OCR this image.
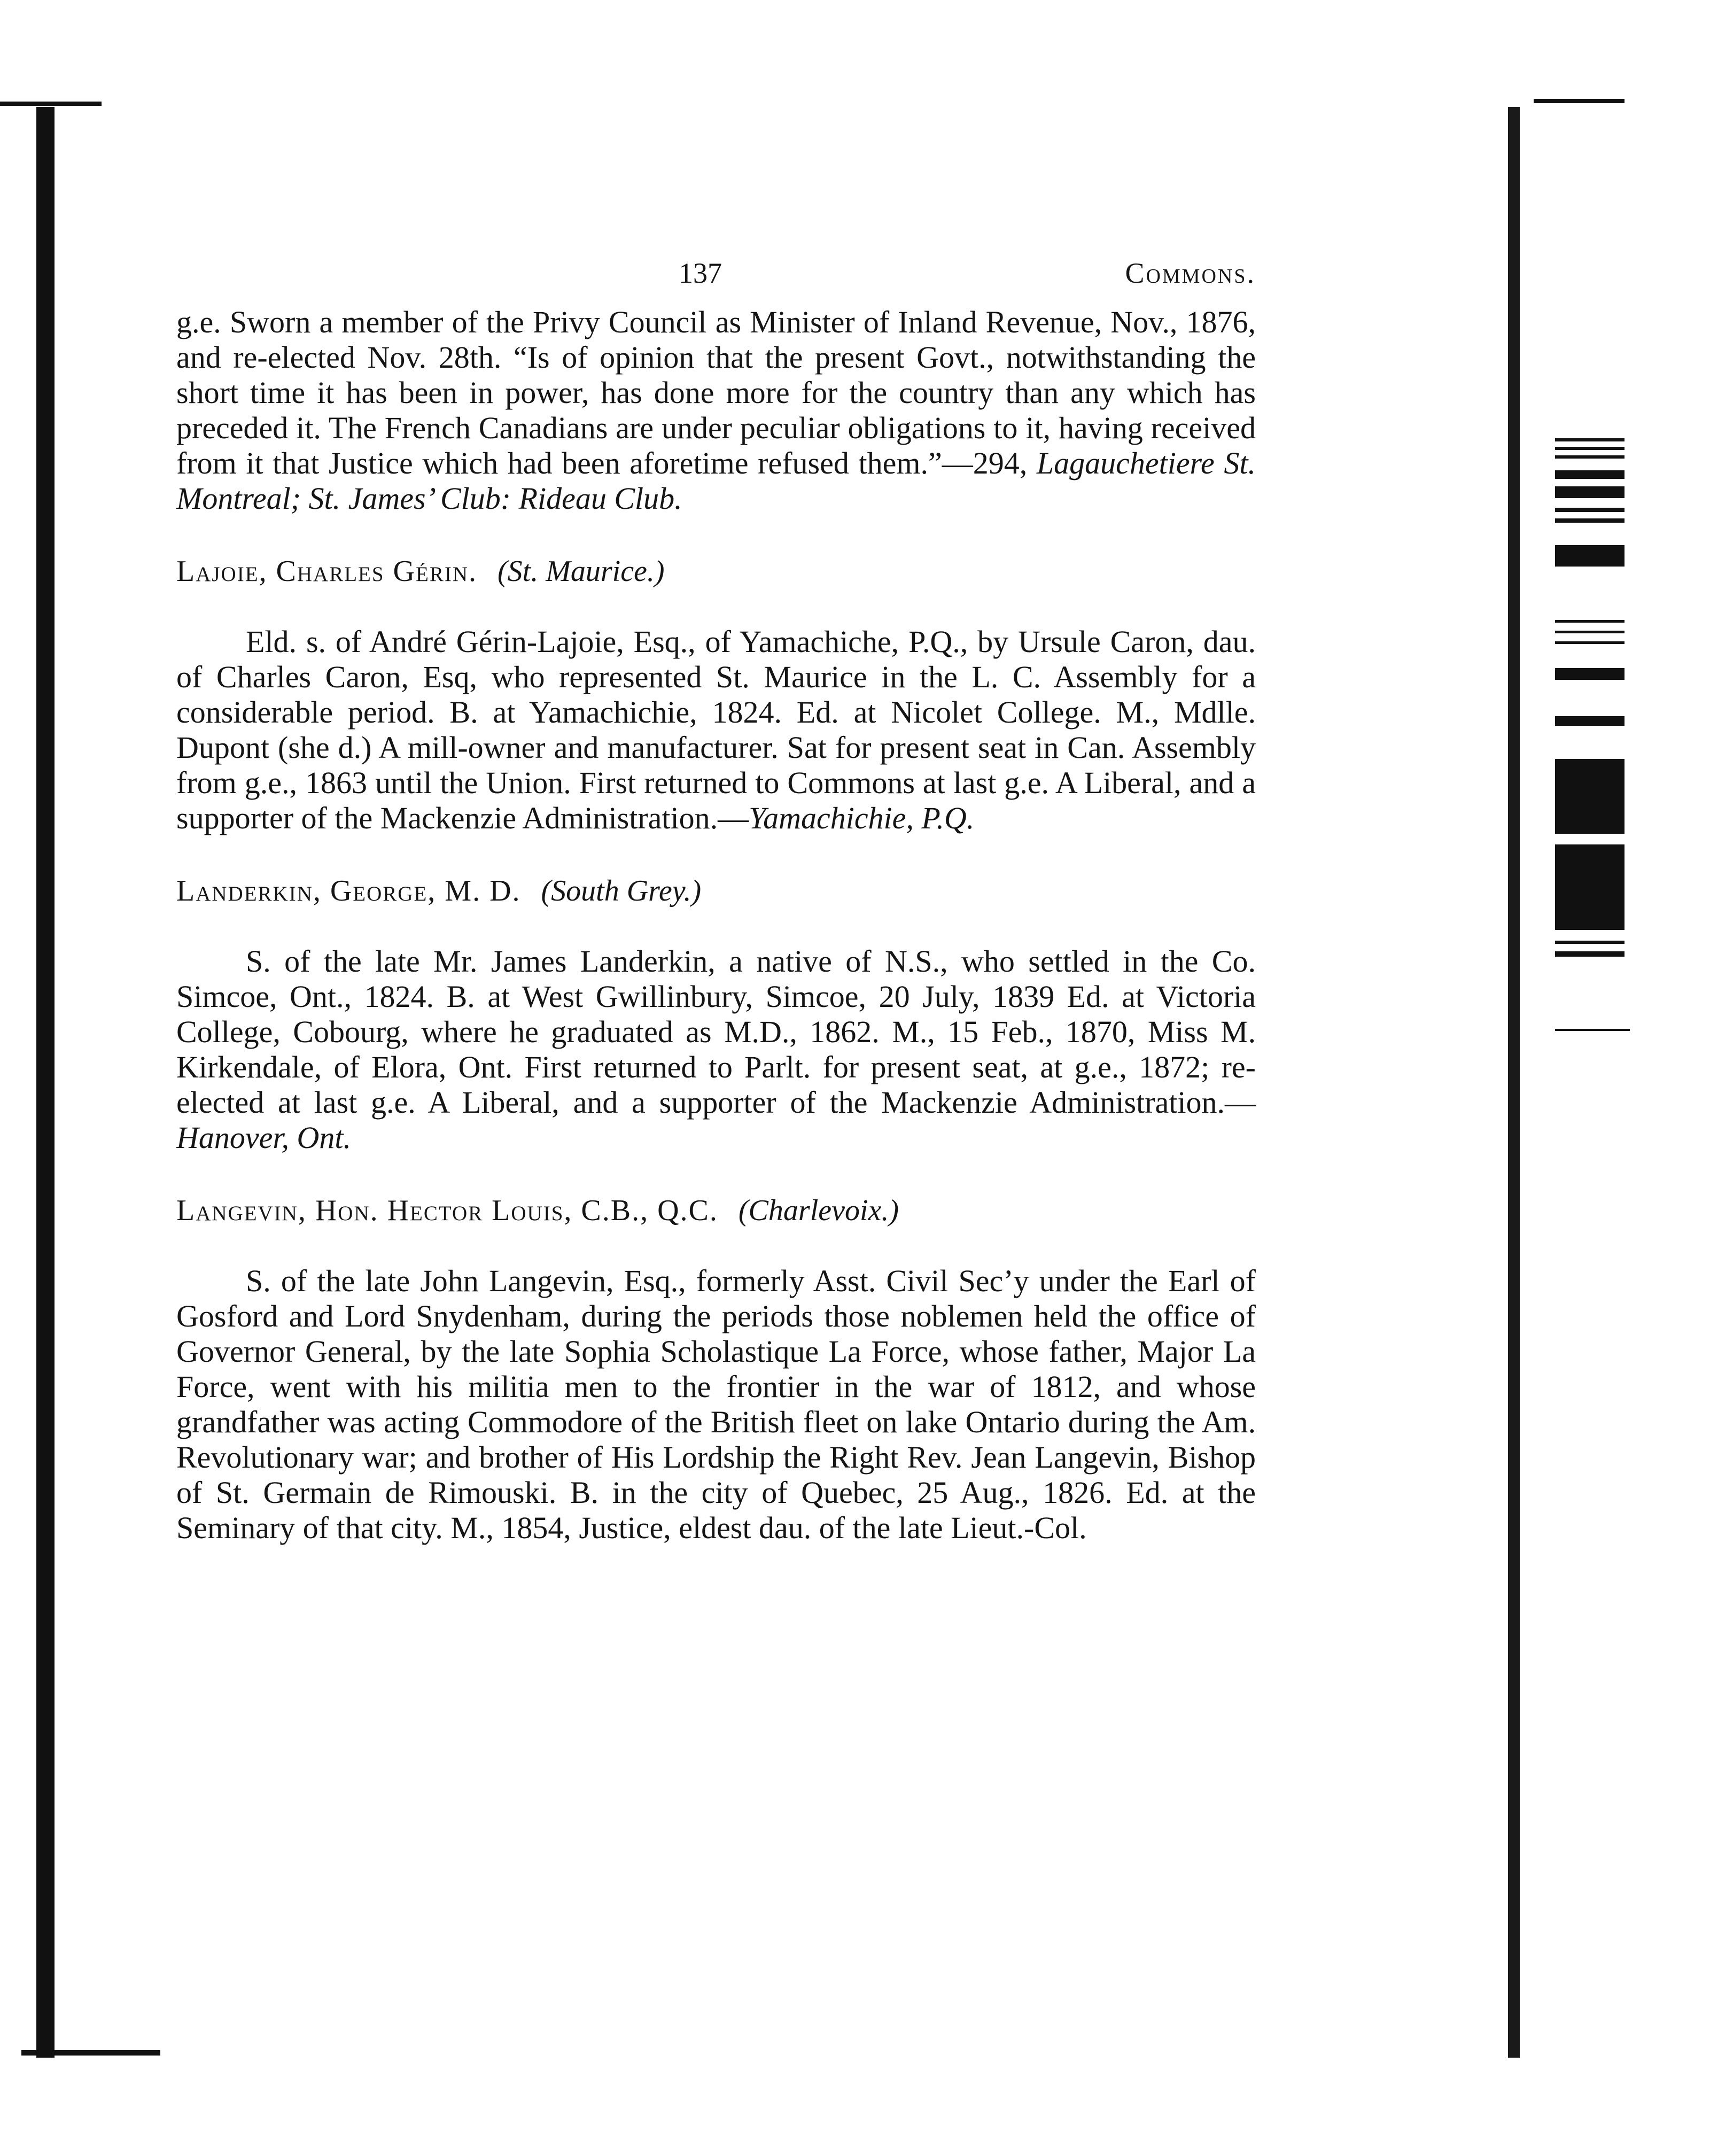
137	Commons.

g.e. Sworn a member of the Privy Council as Minister of Inland Revenue, Nov., 1876, and re-elected Nov. 28th. “Is of opinion that the present Govt., notwithstanding the short time it has been in power, has done more for the country than any which has preceded it. The French Canadians are under peculiar obligations to it, having received from it that Justice which had been aforetime refused them.”—294, Lagauchetiere St. Montreal; St. James’ Club: Rideau Club.

Lajoie, Charles Gérin. (St. Maurice.)

Eld. s. of André Gérin-Lajoie, Esq., of Yamachiche, P.Q., by Ursule Caron, dau. of Charles Caron, Esq, who represented St. Maurice in the L. C. Assembly for a considerable period. B. at Yamachichie, 1824. Ed. at Nicolet College. M., Mdlle. Dupont (she d.) A mill-owner and manufacturer. Sat for present seat in Can. Assembly from g.e., 1863 until the Union. First returned to Commons at last g.e. A Liberal, and a supporter of the Mackenzie Administration.—Yamachichie, P.Q.

Landerkin, George, M. D. (South Grey.)

S. of the late Mr. James Landerkin, a native of N.S., who settled in the Co. Simcoe, Ont., 1824. B. at West Gwillinbury, Simcoe, 20 July, 1839 Ed. at Victoria College, Cobourg, where he graduated as M.D., 1862. M., 15 Feb., 1870, Miss M. Kirkendale, of Elora, Ont. First returned to Parlt. for present seat, at g.e., 1872; re-elected at last g.e. A Liberal, and a supporter of the Mackenzie Administration.—Hanover, Ont.

Langevin, Hon. Hector Louis, C.B., Q.C. (Charlevoix.)

S. of the late John Langevin, Esq., formerly Asst. Civil Sec’y under the Earl of Gosford and Lord Snydenham, during the periods those noblemen held the office of Governor General, by the late Sophia Scholastique La Force, whose father, Major La Force, went with his militia men to the frontier in the war of 1812, and whose grandfather was acting Commodore of the British fleet on lake Ontario during the Am. Revolutionary war; and brother of His Lordship the Right Rev. Jean Langevin, Bishop of St. Germain de Rimouski. B. in the city of Quebec, 25 Aug., 1826. Ed. at the Seminary of that city. M., 1854, Justice, eldest dau. of the late Lieut.-Col.
